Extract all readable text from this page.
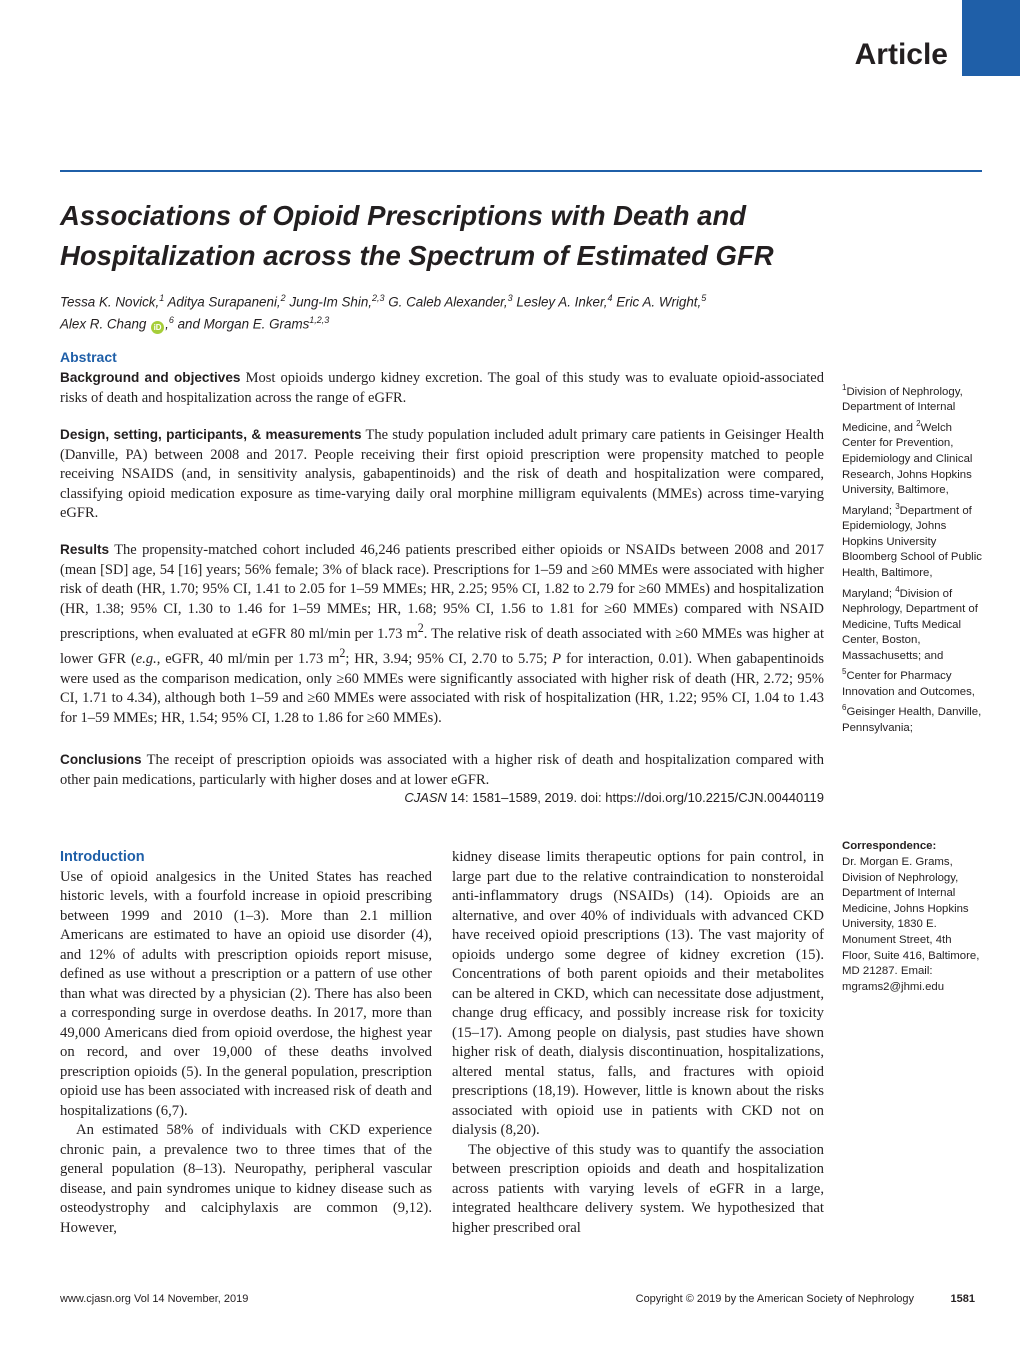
Article
Associations of Opioid Prescriptions with Death and Hospitalization across the Spectrum of Estimated GFR
Tessa K. Novick,$^1$ Aditya Surapaneni,$^2$ Jung-Im Shin,$^{2,3}$ G. Caleb Alexander,$^3$ Lesley A. Inker,$^4$ Eric A. Wright,$^5$
Alex R. Chang iD ,$^6$ and Morgan E. Grams$^{1,2,3}$
Abstract
Background and objectives Most opioids undergo kidney excretion. The goal of this study was to evaluate opioid-associated risks of death and hospitalization across the range of eGFR.
Design, setting, participants, & measurements The study population included adult primary care patients in Geisinger Health (Danville, PA) between 2008 and 2017. People receiving their first opioid prescription were propensity matched to people receiving NSAIDS (and, in sensitivity analysis, gabapentinoids) and the risk of death and hospitalization were compared, classifying opioid medication exposure as time-varying daily oral morphine milligram equivalents (MMEs) across time-varying eGFR.
Results The propensity-matched cohort included 46,246 patients prescribed either opioids or NSAIDs between 2008 and 2017 (mean [SD] age, 54 [16] years; 56% female; 3% of black race). Prescriptions for 1–59 and ≥60 MMEs were associated with higher risk of death (HR, 1.70; 95% CI, 1.41 to 2.05 for 1–59 MMEs; HR, 2.25; 95% CI, 1.82 to 2.79 for ≥60 MMEs) and hospitalization (HR, 1.38; 95% CI, 1.30 to 1.46 for 1–59 MMEs; HR, 1.68; 95% CI, 1.56 to 1.81 for ≥60 MMEs) compared with NSAID prescriptions, when evaluated at eGFR 80 ml/min per 1.73 $m^2$. The relative risk of death associated with ≥60 MMEs was higher at lower GFR (e.g., eGFR, 40 ml/min per 1.73 $m^2$; HR, 3.94; 95% CI, 2.70 to 5.75; P for interaction, 0.01). When gabapentinoids were used as the comparison medication, only ≥60 MMEs were significantly associated with higher risk of death (HR, 2.72; 95% CI, 1.71 to 4.34), although both 1–59 and ≥60 MMEs were associated with risk of hospitalization (HR, 1.22; 95% CI, 1.04 to 1.43 for 1–59 MMEs; HR, 1.54; 95% CI, 1.28 to 1.86 for ≥60 MMEs).
Conclusions The receipt of prescription opioids was associated with a higher risk of death and hospitalization compared with other pain medications, particularly with higher doses and at lower eGFR.
CJASN 14: 1581–1589, 2019. doi: https://doi.org/10.2215/CJN.00440119
$^1$Division of Nephrology, Department of Internal Medicine, and $^2$Welch Center for Prevention, Epidemiology and Clinical Research, Johns Hopkins University, Baltimore, Maryland; $^3$Department of Epidemiology, Johns Hopkins University Bloomberg School of Public Health, Baltimore, Maryland; $^4$Division of Nephrology, Department of Medicine, Tufts Medical Center, Boston, Massachusetts; and $^5$Center for Pharmacy Innovation and Outcomes, $^6$Geisinger Health, Danville, Pennsylvania;
Correspondence:
Dr. Morgan E. Grams, Division of Nephrology, Department of Internal Medicine, Johns Hopkins University, 1830 E. Monument Street, 4th Floor, Suite 416, Baltimore, MD 21287. Email: mgrams2@jhmi.edu
Introduction

Use of opioid analgesics in the United States has reached historic levels, with a fourfold increase in opioid prescribing between 1999 and 2010 (1–3). More than 2.1 million Americans are estimated to have an opioid use disorder (4), and 12% of adults with prescription opioids report misuse, defined as use without a prescription or a pattern of use other than what was directed by a physician (2). There has also been a corresponding surge in overdose deaths. In 2017, more than 49,000 Americans died from opioid overdose, the highest year on record, and over 19,000 of these deaths involved prescription opioids (5). In the general population, prescription opioid use has been associated with increased risk of death and hospitalizations (6,7).

An estimated 58% of individuals with CKD experience chronic pain, a prevalence two to three times that of the general population (8–13). Neuropathy, peripheral vascular disease, and pain syndromes unique to kidney disease such as osteodystrophy and calciphylaxis are common (9,12). However,

kidney disease limits therapeutic options for pain control, in large part due to the relative contraindication to nonsteroidal anti-inflammatory drugs (NSAIDs) (14). Opioids are an alternative, and over 40% of individuals with advanced CKD have received opioid prescriptions (13). The vast majority of opioids undergo some degree of kidney excretion (15). Concentrations of both parent opioids and their metabolites can be altered in CKD, which can necessitate dose adjustment, change drug efficacy, and possibly increase risk for toxicity (15–17). Among people on dialysis, past studies have shown higher risk of death, dialysis discontinuation, hospitalizations, altered mental status, falls, and fractures with opioid prescriptions (18,19). However, little is known about the risks associated with opioid use in patients with CKD not on dialysis (8,20).

The objective of this study was to quantify the association between prescription opioids and death and hospitalization across patients with varying levels of eGFR in a large, integrated healthcare delivery system. We hypothesized that higher prescribed oral

www.cjasn.org Vol 14 November, 2019	Copyright © 2019 by the American Society of Nephrology	1581
